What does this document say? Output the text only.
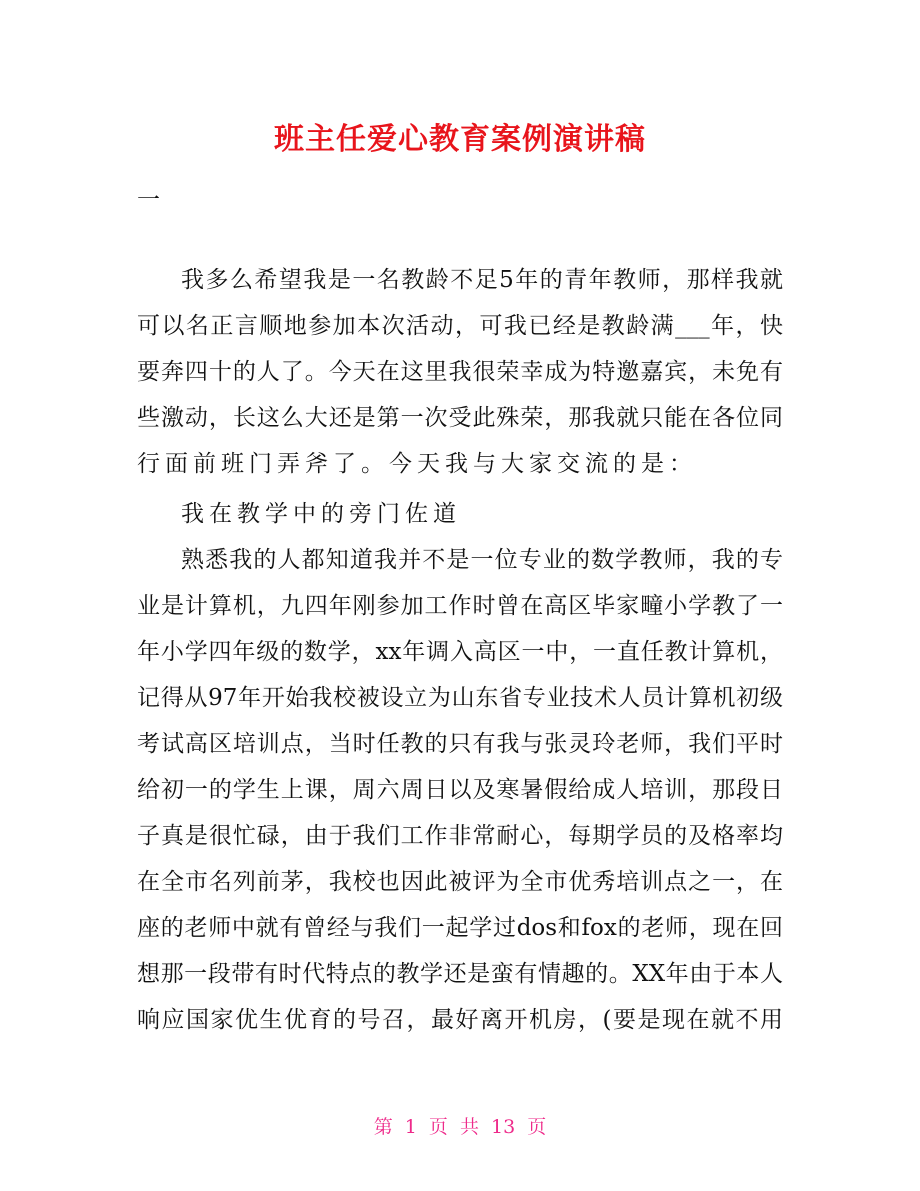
班主任爱心教育案例演讲稿
一
我多么希望我是一名教龄不足5年的青年教师，那样我就
可以名正言顺地参加本次活动，可我已经是教龄满___年，快
要奔四十的人了。今天在这里我很荣幸成为特邀嘉宾，未免有
些激动，长这么大还是第一次受此殊荣，那我就只能在各位同
行面前班门弄斧了。今天我与大家交流的是：
我在教学中的旁门佐道
熟悉我的人都知道我并不是一位专业的数学教师，我的专
业是计算机，九四年刚参加工作时曾在高区毕家疃小学教了一
年小学四年级的数学，xx年调入高区一中，一直任教计算机，
记得从97年开始我校被设立为山东省专业技术人员计算机初级
考试高区培训点，当时任教的只有我与张灵玲老师，我们平时
给初一的学生上课，周六周日以及寒暑假给成人培训，那段日
子真是很忙碌，由于我们工作非常耐心，每期学员的及格率均
在全市名列前茅，我校也因此被评为全市优秀培训点之一，在
座的老师中就有曾经与我们一起学过dos和fox的老师，现在回
想那一段带有时代特点的教学还是蛮有情趣的。XX年由于本人
响应国家优生优育的号召，最好离开机房，(要是现在就不用
第 1 页 共 13 页
